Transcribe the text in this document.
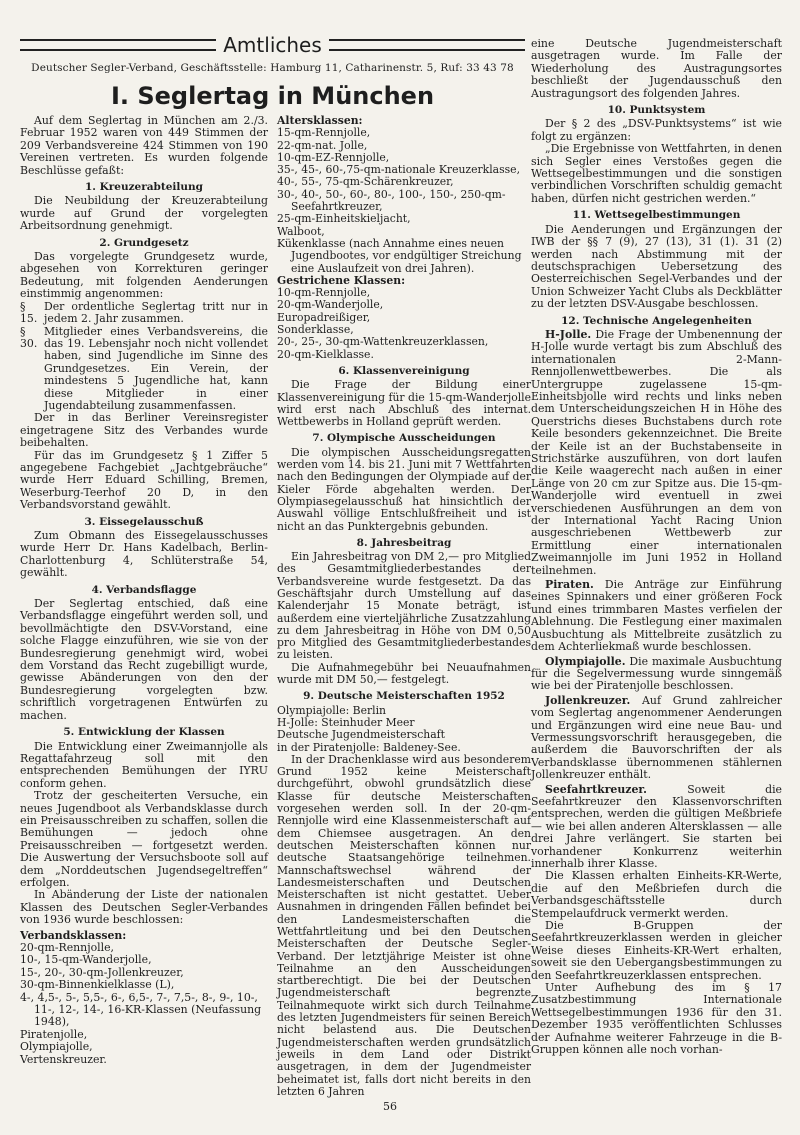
Amtliches
Deutscher Segler-Verband, Geschäftsstelle: Hamburg 11, Catharinenstr. 5, Ruf: 33 43 78
I. Seglertag in München

Auf dem Seglertag in München am 2./3. Februar 1952 waren von 449 Stimmen der 209 Verbandsvereine 424 Stimmen von 190 Vereinen vertreten. Es wurden folgende Beschlüsse gefaßt:

1. Kreuzerabteilung

Die Neubildung der Kreuzerabteilung wurde auf Grund der vorgelegten Arbeitsordnung genehmigt.

2. Grundgesetz

Das vorgelegte Grundgesetz wurde, abgesehen von Korrekturen geringer Bedeutung, mit folgenden Aenderungen einstimmig angenommen:

§ 15.
Der ordentliche Seglertag tritt nur in jedem 2. Jahr zusammen.
§ 30.
Mitglieder eines Verbandsvereins, die das 19. Lebensjahr noch nicht vollendet haben, sind Jugendliche im Sinne des Grundgesetzes. Ein Verein, der mindestens 5 Jugendliche hat, kann diese Mitglieder in einer Jugendabteilung zusammenfassen.

Der in das Berliner Vereinsregister eingetragene Sitz des Verbandes wurde beibehalten.

Für das im Grundgesetz § 1 Ziffer 5 angegebene Fachgebiet „Jachtgebräuche“ wurde Herr Eduard Schilling, Bremen, Weserburg-Teerhof 20 D, in den Verbandsvorstand gewählt.

3. Eissegelausschuß

Zum Obmann des Eissegelausschusses wurde Herr Dr. Hans Kadelbach, Berlin-Charlottenburg 4, Schlüterstraße 54, gewählt.

4. Verbandsflagge

Der Seglertag entschied, daß eine Verbandsflagge eingeführt werden soll, und bevollmächtigte den DSV-Vorstand, eine solche Flagge einzuführen, wie sie von der Bundesregierung genehmigt wird, wobei dem Vorstand das Recht zugebilligt wurde, gewisse Abänderungen von den der Bundesregierung vorgelegten bzw. schriftlich vorgetragenen Entwürfen zu machen.

5. Entwicklung der Klassen

Die Entwicklung einer Zweimannjolle als Regattafahrzeug soll mit den entsprechenden Bemühungen der IYRU conform gehen.

Trotz der gescheiterten Versuche, ein neues Jugendboot als Verbandsklasse durch ein Preisausschreiben zu schaffen, sollen die Bemühungen — jedoch ohne Preisausschreiben — fortgesetzt werden. Die Auswertung der Versuchsboote soll auf dem „Norddeutschen Jugendsegeltreffen“ erfolgen.

In Abänderung der Liste der nationalen Klassen des Deutschen Segler-Verbandes von 1936 wurde beschlossen:

Verbandsklassen:
20-qm-Rennjolle,
10-, 15-qm-Wanderjolle,
15-, 20-, 30-qm-Jollenkreuzer,
30-qm-Binnenkielklasse (L),
4-, 4,5-, 5-, 5,5-, 6-, 6,5-, 7-, 7,5-, 8-, 9-, 10-, 11-, 12-, 14-, 16-KR-Klassen (Neufassung 1948),
Piratenjolle,
Olympiajolle,
Vertenskreuzer.
Altersklassen:
15-qm-Rennjolle,
22-qm-nat. Jolle,
10-qm-EZ-Rennjolle,
35-, 45-, 60-,75-qm-nationale Kreuzerklasse,
40-, 55-, 75-qm-Schärenkreuzer,
30-, 40-, 50-, 60-, 80-, 100-, 150-, 250-qm-Seefahrtkreuzer,
25-qm-Einheitskieljacht,
Walboot,
Kükenklasse (nach Annahme eines neuen Jugendbootes, vor endgültiger Streichung eine Auslaufzeit von drei Jahren).
Gestrichene Klassen:
10-qm-Rennjolle,
20-qm-Wanderjolle,
Europadreißiger,
Sonderklasse,
20-, 25-, 30-qm-Wattenkreuzerklassen,
20-qm-Kielklasse.
6. Klassenvereinigung

Die Frage der Bildung einer Klassenvereinigung für die 15-qm-Wanderjolle wird erst nach Abschluß des internat. Wettbewerbs in Holland geprüft werden.

7. Olympische Ausscheidungen

Die olympischen Ausscheidungsregatten werden vom 14. bis 21. Juni mit 7 Wettfahrten nach den Bedingungen der Olympiade auf der Kieler Förde abgehalten werden. Der Olympiasegelausschuß hat hinsichtlich der Auswahl völlige Entschlußfreiheit und ist nicht an das Punktergebnis gebunden.

8. Jahresbeitrag

Ein Jahresbeitrag von DM 2,— pro Mitglied des Gesamtmitgliederbestandes der Verbandsvereine wurde festgesetzt. Da das Geschäftsjahr durch Umstellung auf das Kalenderjahr 15 Monate beträgt, ist außerdem eine vierteljährliche Zusatzzahlung zu dem Jahresbeitrag in Höhe von DM 0,50 pro Mitglied des Gesamtmitgliederbestandes zu leisten.

Die Aufnahmegebühr bei Neuaufnahmen wurde mit DM 50,— festgelegt.

9. Deutsche Meisterschaften 1952
Olympiajolle: Berlin
H-Jolle: Steinhuder Meer
Deutsche Jugendmeisterschaft
in der Piratenjolle: Baldeney-See.

In der Drachenklasse wird aus besonderem Grund 1952 keine Meisterschaft durchgeführt, obwohl grundsätzlich diese Klasse für deutsche Meisterschaften vorgesehen werden soll. In der 20-qm-Rennjolle wird eine Klassenmeisterschaft auf dem Chiemsee ausgetragen. An den deutschen Meisterschaften können nur deutsche Staatsangehörige teilnehmen. Mannschaftswechsel während der Landesmeisterschaften und Deutschen Meisterschaften ist nicht gestattet. Ueber Ausnahmen in dringenden Fällen befindet bei den Landesmeisterschaften die Wettfahrtleitung und bei den Deutschen Meisterschaften der Deutsche Segler-Verband. Der letztjährige Meister ist ohne Teilnahme an den Ausscheidungen startberechtigt. Die bei der Deutschen Jugendmeisterschaft begrenzte Teilnahmequote wirkt sich durch Teilnahme des letzten Jugendmeisters für seinen Bereich nicht belastend aus. Die Deutschen Jugendmeisterschaften werden grundsätzlich jeweils in dem Land oder Distrikt ausgetragen, in dem der Jugendmeister beheimatet ist, falls dort nicht bereits in den letzten 6 Jahren

eine Deutsche Jugendmeisterschaft ausgetragen wurde. Im Falle der Wiederholung des Austragungsortes beschließt der Jugendausschuß den Austragungsort des folgenden Jahres.

10. Punktsystem

Der § 2 des „DSV-Punktsystems“ ist wie folgt zu ergänzen:

„Die Ergebnisse von Wettfahrten, in denen sich Segler eines Verstoßes gegen die Wettsegelbestimmungen und die sonstigen verbindlichen Vorschriften schuldig gemacht haben, dürfen nicht gestrichen werden.“

11. Wettsegelbestimmungen

Die Aenderungen und Ergänzungen der IWB der §§ 7 (9), 27 (13), 31 (1). 31 (2) werden nach Abstimmung mit der deutschsprachigen Uebersetzung des Oesterreichischen Segel-Verbandes und der Union Schweizer Yacht Clubs als Deckblätter zu der letzten DSV-Ausgabe beschlossen.

12. Technische Angelegenheiten

H-Jolle. Die Frage der Umbenennung der H-Jolle wurde vertagt bis zum Abschluß des internationalen 2-Mann-Rennjollenwettbewerbes. Die als Untergruppe zugelassene 15-qm-Einheitsbjolle wird rechts und links neben dem Unterscheidungszeichen H in Höhe des Querstrichs dieses Buchstabens durch rote Keile besonders gekennzeichnet. Die Breite der Keile ist an der Buchstabenseite in Strichstärke auszuführen, von dort laufen die Keile waagerecht nach außen in einer Länge von 20 cm zur Spitze aus. Die 15-qm-Wanderjolle wird eventuell in zwei verschiedenen Ausführungen an dem von der International Yacht Racing Union ausgeschriebenen Wettbewerb zur Ermittlung einer internationalen Zweimannjolle im Juni 1952 in Holland teilnehmen.

Piraten. Die Anträge zur Einführung eines Spinnakers und einer größeren Fock und eines trimmbaren Mastes verfielen der Ablehnung. Die Festlegung einer maximalen Ausbuchtung als Mittelbreite zusätzlich zu dem Achterliekmaß wurde beschlossen.

Olympiajolle. Die maximale Ausbuchtung für die Segelvermessung wurde sinngemäß wie bei der Piratenjolle beschlossen.

Jollenkreuzer. Auf Grund zahlreicher vom Seglertag angenommener Aenderungen und Ergänzungen wird eine neue Bau- und Vermessungsvorschrift herausgegeben, die außerdem die Bauvorschriften der als Verbandsklasse übernommenen stählernen Jollenkreuzer enthält.

Seefahrtkreuzer. Soweit die Seefahrtkreuzer den Klassenvorschriften entsprechen, werden die gültigen Meßbriefe — wie bei allen anderen Altersklassen — alle drei Jahre verlängert. Sie starten bei vorhandener Konkurrenz weiterhin innerhalb ihrer Klasse.

Die Klassen erhalten Einheits-KR-Werte, die auf den Meßbriefen durch die Verbandsgeschäftsstelle durch Stempelaufdruck vermerkt werden.

Die B-Gruppen der Seefahrtkreuzerklassen werden in gleicher Weise dieses Einheits-KR-Wert erhalten, soweit sie den Uebergangsbestimmungen zu den Seefahrtkreuzerklassen entsprechen.

Unter Aufhebung des im § 17 Zusatzbestimmung Internationale Wettsegelbestimmungen 1936 für den 31. Dezember 1935 veröffentlichten Schlusses der Aufnahme weiterer Fahrzeuge in die B-Gruppen können alle noch vorhan-

56
